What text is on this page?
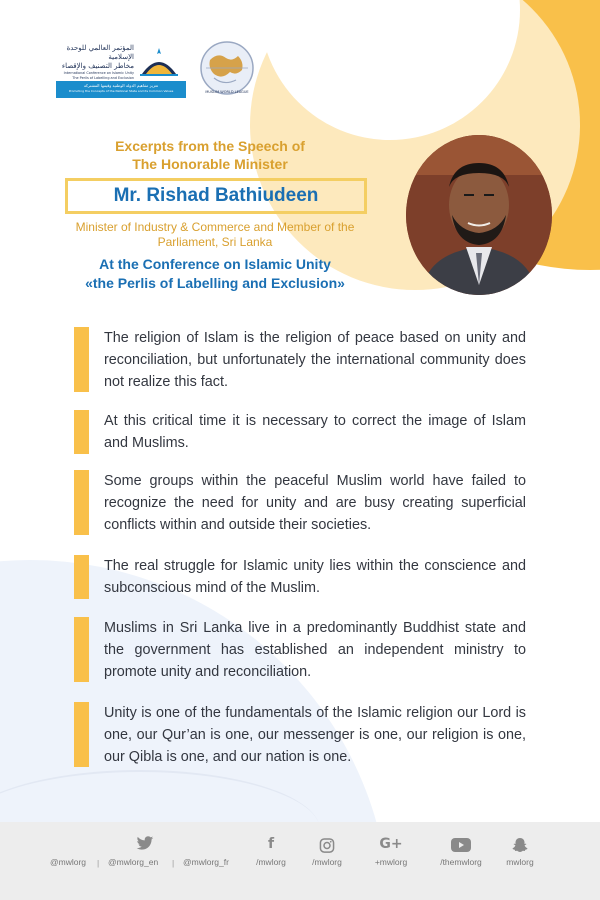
المؤتمر العالمي للوحدة الإسلامية
مخاطر التصنيف والإقصاء
International Conference on Islamic Unity
The Perils of Labelling and Exclusion
تعزيز مفاهيم الدولة الوطنية وقيمها المشتركة
Promoting the Concepts of the National State and its Common Values	MUSLIM WORLD LEAGUE
Excerpts from the Speech of
The Honorable Minister
Mr. Rishad Bathiudeen
Minister of Industry & Commerce and Member of the
Parliament, Sri Lanka
At the Conference on Islamic Unity
«the Perlis of Labelling and Exclusion»

The religion of Islam is the religion of peace based on unity and reconciliation, but unfortunately the international community does not realize this fact.

At this critical time it is necessary to correct the image of Islam and Muslims.

Some groups within the peaceful Muslim world have failed to recognize the need for unity and are busy creating superficial conflicts within and outside their societies.

The real struggle for Islamic unity lies within the conscience and subconscious mind of the Muslim.

Muslims in Sri Lanka live in a predominantly Buddhist state and the government has established an independent ministry to promote unity and reconciliation.

Unity is one of the fundamentals of the Islamic religion our Lord is one, our Qur’an is one, our messenger is one, our religion is one, our Qibla is one, and our nation is one.

@mwlorg | @mwlorg_en | @mwlorg_fr
f
/mwlorg	/mwlorg
G+
+mwlorg	/themwlorg	mwlorg
